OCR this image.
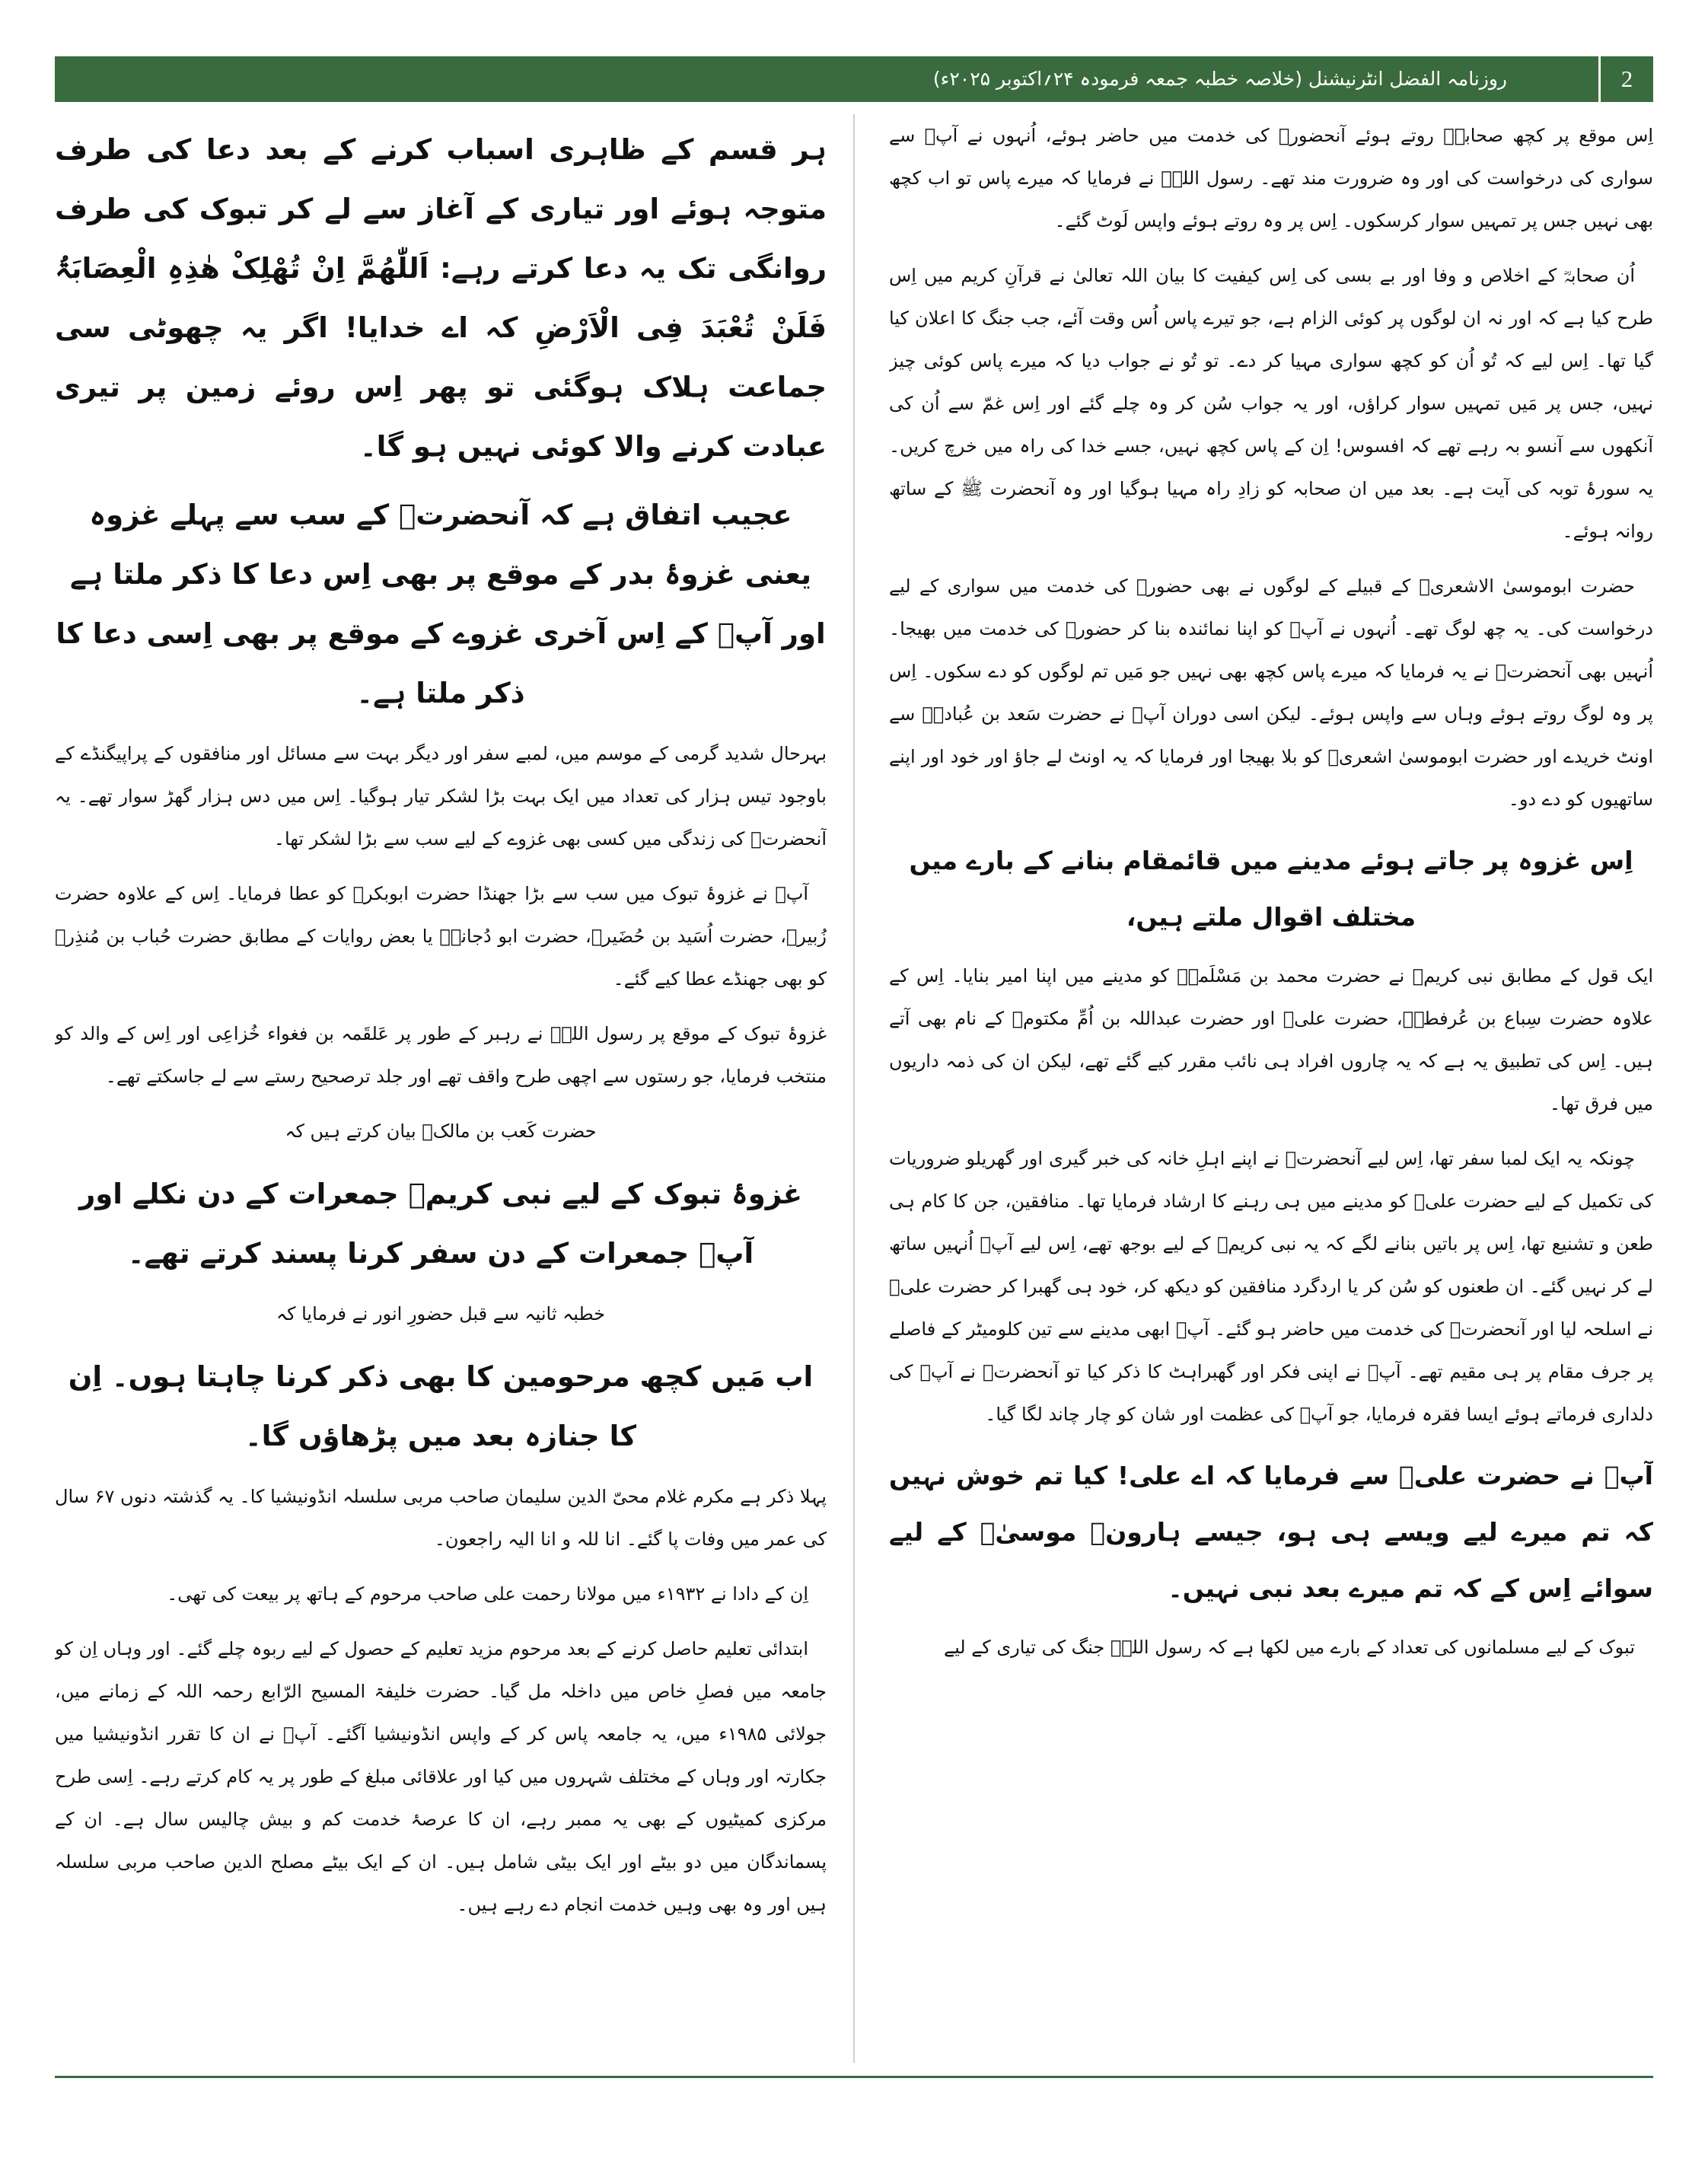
روزنامہ الفضل انٹرنیشنل (خلاصہ خطبہ جمعہ فرمودہ ۲۴؍اکتوبر ۲۰۲۵ء)	2

اِس موقع پر کچھ صحابہؓ روتے ہوئے آنحضورؐ کی خدمت میں حاضر ہوئے، اُنہوں نے آپؐ سے سواری کی درخواست کی اور وہ ضرورت مند تھے۔ رسول اللہؐ نے فرمایا کہ میرے پاس تو اب کچھ بھی نہیں جس پر تمہیں سوار کرسکوں۔ اِس پر وہ روتے ہوئے واپس لَوٹ گئے۔

اُن صحابہؓ کے اخلاص و وفا اور بے بسی کی اِس کیفیت کا بیان اللہ تعالیٰ نے قرآنِ کریم میں اِس طرح کیا ہے کہ اور نہ ان لوگوں پر کوئی الزام ہے، جو تیرے پاس اُس وقت آئے، جب جنگ کا اعلان کیا گیا تھا۔ اِس لیے کہ تُو اُن کو کچھ سواری مہیا کر دے۔ تو تُو نے جواب دیا کہ میرے پاس کوئی چیز نہیں، جس پر مَیں تمہیں سوار کراؤں، اور یہ جواب سُن کر وہ چلے گئے اور اِس غمّ سے اُن کی آنکھوں سے آنسو بہ رہے تھے کہ افسوس! اِن کے پاس کچھ نہیں، جسے خدا کی راہ میں خرچ کریں۔ یہ سورۂ توبہ کی آیت ہے۔ بعد میں ان صحابہ کو زادِ راہ مہیا ہوگیا اور وہ آنحضرت ﷺ کے ساتھ روانہ ہوئے۔

حضرت ابوموسیٰ الاشعریؓ کے قبیلے کے لوگوں نے بھی حضورؐ کی خدمت میں سواری کے لیے درخواست کی۔ یہ چھ لوگ تھے۔ اُنہوں نے آپؐ کو اپنا نمائندہ بنا کر حضورؐ کی خدمت میں بھیجا۔ اُنہیں بھی آنحضرتؐ نے یہ فرمایا کہ میرے پاس کچھ بھی نہیں جو مَیں تم لوگوں کو دے سکوں۔ اِس پر وہ لوگ روتے ہوئے وہاں سے واپس ہوئے۔ لیکن اسی دوران آپؐ نے حضرت سَعد بن عُبادہؓ سے اونٹ خریدے اور حضرت ابوموسیٰ اشعریؓ کو بلا بھیجا اور فرمایا کہ یہ اونٹ لے جاؤ اور خود اور اپنے ساتھیوں کو دے دو۔

اِس غزوہ پر جاتے ہوئے مدینے میں قائمقام بنانے کے بارے میں مختلف اقوال ملتے ہیں،

ایک قول کے مطابق نبی کریمؐ نے حضرت محمد بن مَسْلَمہؓ کو مدینے میں اپنا امیر بنایا۔ اِس کے علاوہ حضرت سِباع بن عُرفطہؓ، حضرت علیؓ اور حضرت عبداللہ بن اُمِّ مکتومؓ کے نام بھی آتے ہیں۔ اِس کی تطبیق یہ ہے کہ یہ چاروں افراد ہی نائب مقرر کیے گئے تھے، لیکن ان کی ذمہ داریوں میں فرق تھا۔

چونکہ یہ ایک لمبا سفر تھا، اِس لیے آنحضرتؐ نے اپنے اہلِ خانہ کی خبر گیری اور گھریلو ضروریات کی تکمیل کے لیے حضرت علیؓ کو مدینے میں ہی رہنے کا ارشاد فرمایا تھا۔ منافقین، جن کا کام ہی طعن و تشنیع تھا، اِس پر باتیں بنانے لگے کہ یہ نبی کریمؐ کے لیے بوجھ تھے، اِس لیے آپؐ اُنہیں ساتھ لے کر نہیں گئے۔ ان طعنوں کو سُن کر یا اردگرد منافقین کو دیکھ کر، خود ہی گھبرا کر حضرت علیؓ نے اسلحہ لیا اور آنحضرتؐ کی خدمت میں حاضر ہو گئے۔ آپؐ ابھی مدینے سے تین کلومیٹر کے فاصلے پر جرف مقام پر ہی مقیم تھے۔ آپؓ نے اپنی فکر اور گھبراہٹ کا ذکر کیا تو آنحضرتؐ نے آپؓ کی دلداری فرماتے ہوئے ایسا فقرہ فرمایا، جو آپؓ کی عظمت اور شان کو چار چاند لگا گیا۔

آپؐ نے حضرت علیؓ سے فرمایا کہ اے علی! کیا تم خوش نہیں کہ تم میرے لیے ویسے ہی ہو، جیسے ہارونؑ موسیٰؑ کے لیے سوائے اِس کے کہ تم میرے بعد نبی نہیں۔

تبوک کے لیے مسلمانوں کی تعداد کے بارے میں لکھا ہے کہ رسول اللہؐ جنگ کی تیاری کے لیے

ہر قسم کے ظاہری اسباب کرنے کے بعد دعا کی طرف متوجہ ہوئے اور تیاری کے آغاز سے لے کر تبوک کی طرف روانگی تک یہ دعا کرتے رہے: اَللّٰھُمَّ اِنْ تُھْلِکْ ھٰذِہِ الْعِصَابَۃُ فَلَنْ تُعْبَدَ فِی الْاَرْضِ کہ اے خدایا! اگر یہ چھوٹی سی جماعت ہلاک ہوگئی تو پھر اِس روئے زمین پر تیری عبادت کرنے والا کوئی نہیں ہو گا۔
عجیب اتفاق ہے کہ آنحضرتؐ کے سب سے پہلے غزوہ یعنی غزوۂ بدر کے موقع پر بھی اِس دعا کا ذکر ملتا ہے اور آپؐ کے اِس آخری غزوے کے موقع پر بھی اِسی دعا کا ذکر ملتا ہے۔

بہرحال شدید گرمی کے موسم میں، لمبے سفر اور دیگر بہت سے مسائل اور منافقوں کے پراپیگنڈے کے باوجود تیس ہزار کی تعداد میں ایک بہت بڑا لشکر تیار ہوگیا۔ اِس میں دس ہزار گھڑ سوار تھے۔ یہ آنحضرتؐ کی زندگی میں کسی بھی غزوے کے لیے سب سے بڑا لشکر تھا۔

آپؐ نے غزوۂ تبوک میں سب سے بڑا جھنڈا حضرت ابوبکرؓ کو عطا فرمایا۔ اِس کے علاوہ حضرت زُبیرؓ، حضرت اُسَید بن حُضَیرؓ، حضرت ابو دُجانہؓ یا بعض روایات کے مطابق حضرت حُباب بن مُنذِرؓ کو بھی جھنڈے عطا کیے گئے۔

غزوۂ تبوک کے موقع پر رسول اللہؐ نے رہبر کے طور پر عَلقَمہ بن فغواء خُزاعِی اور اِس کے والد کو منتخب فرمایا، جو رستوں سے اچھی طرح واقف تھے اور جلد ترصحیح رستے سے لے جاسکتے تھے۔

حضرت کَعب بن مالکؓ بیان کرتے ہیں کہ

غزوۂ تبوک کے لیے نبی کریمؐ جمعرات کے دن نکلے اور آپؐ جمعرات کے دن سفر کرنا پسند کرتے تھے۔

خطبہ ثانیہ سے قبل حضورِ انور نے فرمایا کہ

اب مَیں کچھ مرحومین کا بھی ذکر کرنا چاہتا ہوں۔ اِن کا جنازہ بعد میں پڑھاؤں گا۔

پہلا ذکر ہے مکرم غلام محیّ الدین سلیمان صاحب مربی سلسلہ انڈونیشیا کا۔ یہ گذشتہ دنوں ۶۷ سال کی عمر میں وفات پا گئے۔ انا للہ و انا الیہ راجعون۔

اِن کے دادا نے ۱۹۳۲ء میں مولانا رحمت علی صاحب مرحوم کے ہاتھ پر بیعت کی تھی۔

ابتدائی تعلیم حاصل کرنے کے بعد مرحوم مزید تعلیم کے حصول کے لیے ربوہ چلے گئے۔ اور وہاں اِن کو جامعہ میں فصلِ خاص میں داخلہ مل گیا۔ حضرت خلیفۃ المسیح الرّابع رحمہ اللہ کے زمانے میں، جولائی ۱۹۸۵ء میں، یہ جامعہ پاس کر کے واپس انڈونیشیا آگئے۔ آپؒ نے ان کا تقرر انڈونیشیا میں جکارتہ اور وہاں کے مختلف شہروں میں کیا اور علاقائی مبلغ کے طور پر یہ کام کرتے رہے۔ اِسی طرح مرکزی کمیٹیوں کے بھی یہ ممبر رہے، ان کا عرصۂ خدمت کم و بیش چالیس سال ہے۔ ان کے پسماندگان میں دو بیٹے اور ایک بیٹی شامل ہیں۔ ان کے ایک بیٹے مصلح الدین صاحب مربی سلسلہ ہیں اور وہ بھی وہیں خدمت انجام دے رہے ہیں۔
